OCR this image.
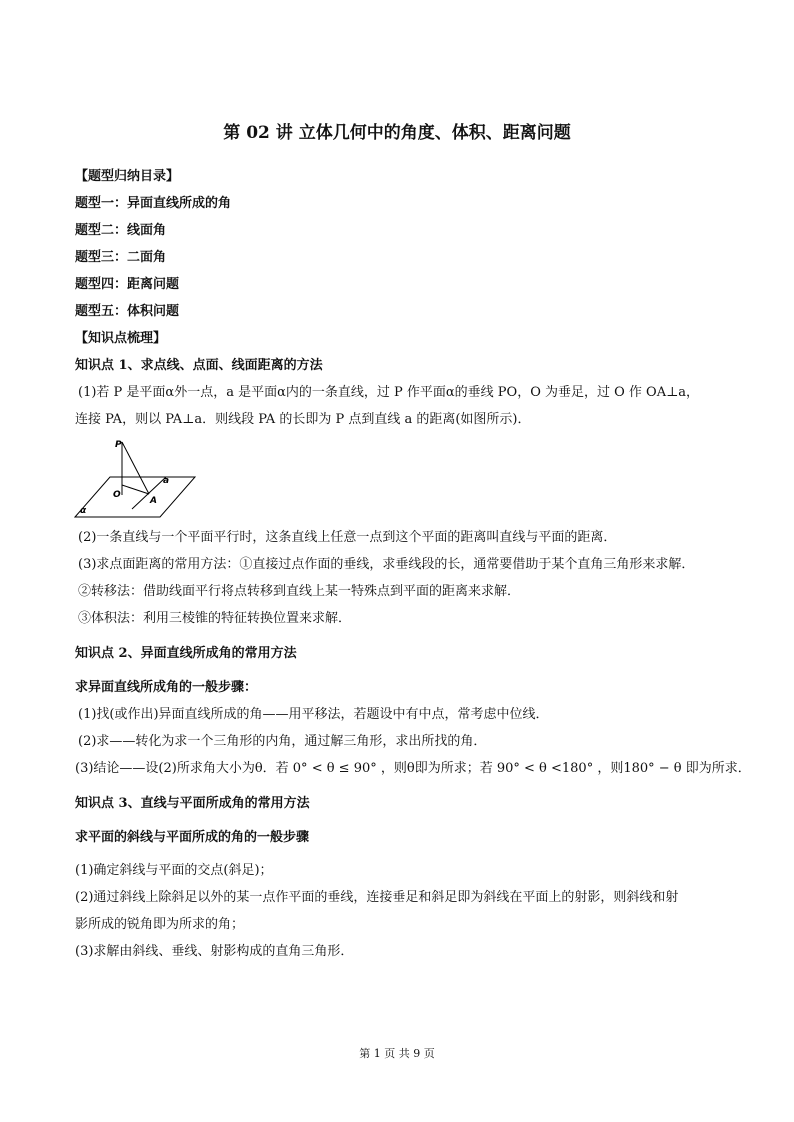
第 02 讲 立体几何中的角度、体积、距离问题
【题型归纳目录】
题型一：异面直线所成的角
题型二：线面角
题型三：二面角
题型四：距离问题
题型五：体积问题
【知识点梳理】
知识点 1、求点线、点面、线面距离的方法
(1)若 P 是平面α外一点，a 是平面α内的一条直线，过 P 作平面α的垂线 PO，O 为垂足，过 O 作 OA⊥a，
连接 PA，则以 PA⊥a．则线段 PA 的长即为 P 点到直线 a 的距离(如图所示)．
P
O
A
a
α
(2)一条直线与一个平面平行时，这条直线上任意一点到这个平面的距离叫直线与平面的距离．
(3)求点面距离的常用方法：①直接过点作面的垂线，求垂线段的长，通常要借助于某个直角三角形来求解．
②转移法：借助线面平行将点转移到直线上某一特殊点到平面的距离来求解．
③体积法：利用三棱锥的特征转换位置来求解．
知识点 2、异面直线所成角的常用方法
求异面直线所成角的一般步骤：
(1)找(或作出)异面直线所成的角——用平移法，若题设中有中点，常考虑中位线．
(2)求——转化为求一个三角形的内角，通过解三角形，求出所找的角．
(3)结论——设(2)所求角大小为θ．若 0° < θ ≤ 90° ，则θ即为所求；若 90° < θ <180° ，则180° − θ 即为所求．
知识点 3、直线与平面所成角的常用方法
求平面的斜线与平面所成的角的一般步骤
(1)确定斜线与平面的交点(斜足)；
(2)通过斜线上除斜足以外的某一点作平面的垂线，连接垂足和斜足即为斜线在平面上的射影，则斜线和射
影所成的锐角即为所求的角；
(3)求解由斜线、垂线、射影构成的直角三角形．
第 1 页 共 9 页
